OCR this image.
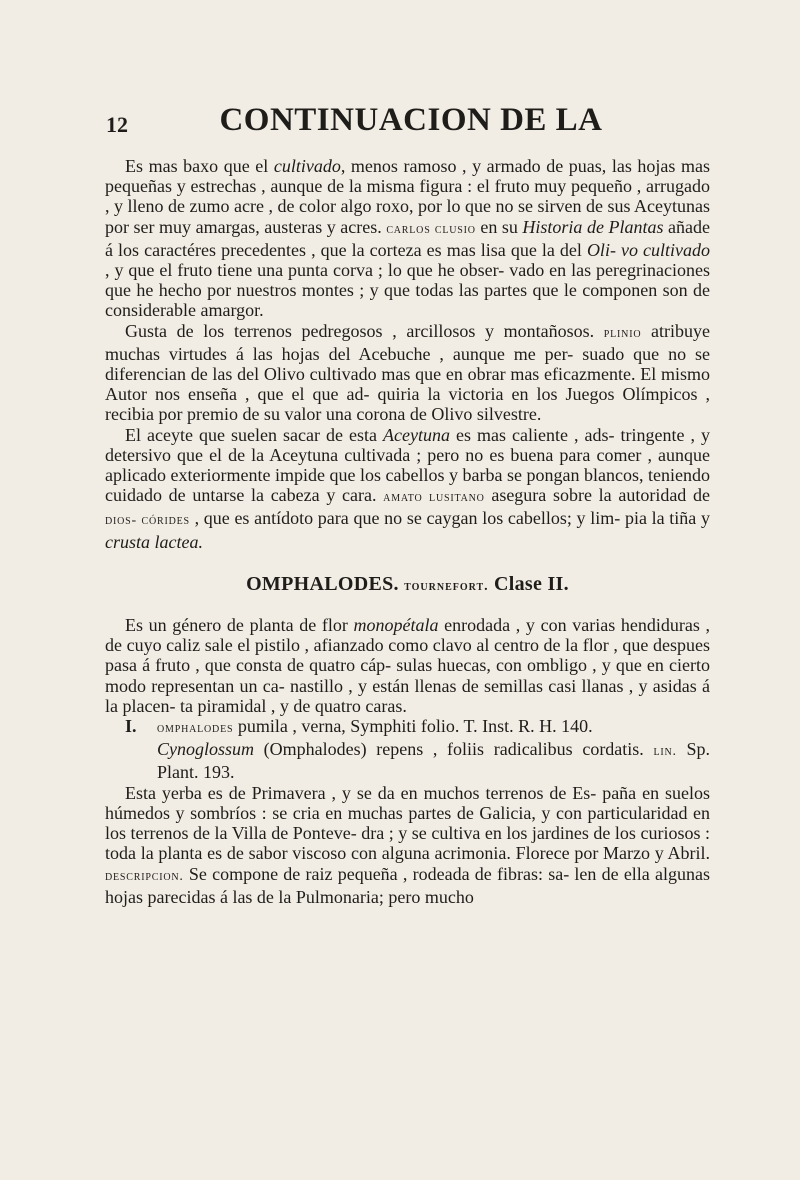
12	CONTINUACION DE LA

Es mas baxo que el cultivado, menos ramoso , y armado de puas, las hojas mas pequeñas y estrechas , aunque de la misma figura : el fruto muy pequeño , arrugado , y lleno de zumo acre , de color algo roxo, por lo que no se sirven de sus Aceytunas por ser muy amargas, austeras y acres. carlos clusio en su Historia de Plantas añade á los caractéres precedentes , que la corteza es mas lisa que la del Oli- vo cultivado , y que el fruto tiene una punta corva ; lo que he obser- vado en las peregrinaciones que he hecho por nuestros montes ; y que todas las partes que le componen son de considerable amargor.

Gusta de los terrenos pedregosos , arcillosos y montañosos. plinio atribuye muchas virtudes á las hojas del Acebuche , aunque me per- suado que no se diferencian de las del Olivo cultivado mas que en obrar mas eficazmente. El mismo Autor nos enseña , que el que ad- quiria la victoria en los Juegos Olímpicos , recibia por premio de su valor una corona de Olivo silvestre.

El aceyte que suelen sacar de esta Aceytuna es mas caliente , ads- tringente , y detersivo que el de la Aceytuna cultivada ; pero no es buena para comer , aunque aplicado exteriormente impide que los cabellos y barba se pongan blancos, teniendo cuidado de untarse la cabeza y cara. amato lusitano asegura sobre la autoridad de dios- córides , que es antídoto para que no se caygan los cabellos; y lim- pia la tiña y crusta lactea.

OMPHALODES. tournefort. Clase II.

Es un género de planta de flor monopétala enrodada , y con varias hendiduras , de cuyo caliz sale el pistilo , afianzado como clavo al centro de la flor , que despues pasa á fruto , que consta de quatro cáp- sulas huecas, con ombligo , y que en cierto modo representan un ca- nastillo , y están llenas de semillas casi llanas , y asidas á la placen- ta piramidal , y de quatro caras.

I. omphalodes pumila , verna, Symphiti folio. T. Inst. R. H. 140.

Cynoglossum (Omphalodes) repens , foliis radicalibus cordatis. lin. Sp. Plant. 193.

Esta yerba es de Primavera , y se da en muchos terrenos de Es- paña en suelos húmedos y sombríos : se cria en muchas partes de Galicia, y con particularidad en los terrenos de la Villa de Ponteve- dra ; y se cultiva en los jardines de los curiosos : toda la planta es de sabor viscoso con alguna acrimonia. Florece por Marzo y Abril. descripcion. Se compone de raiz pequeña , rodeada de fibras: sa- len de ella algunas hojas parecidas á las de la Pulmonaria; pero mucho
